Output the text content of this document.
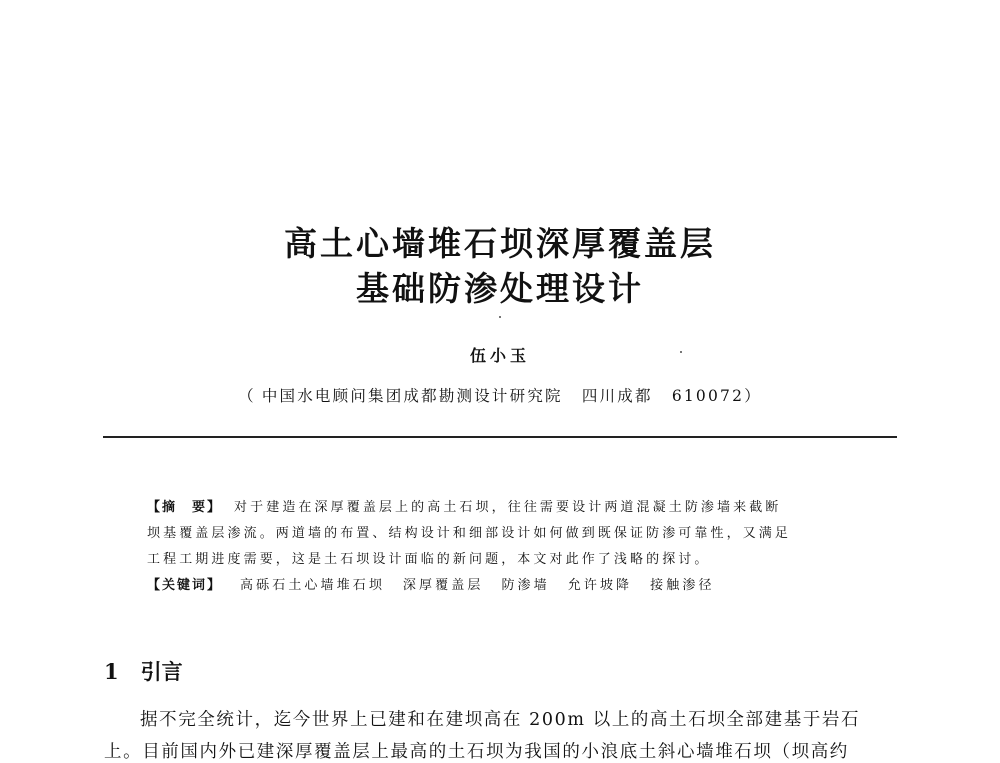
高土心墙堆石坝深厚覆盖层
基础防渗处理设计
伍小玉
（ 中国水电顾问集团成都勘测设计研究院 四川成都 610072）
【摘　要】 对于建造在深厚覆盖层上的高土石坝，往往需要设计两道混凝土防渗墙来截断
坝基覆盖层渗流。两道墙的布置、结构设计和细部设计如何做到既保证防渗可靠性，又满足
工程工期进度需要，这是土石坝设计面临的新问题，本文对此作了浅略的探讨。
【关键词】 高砾石土心墙堆石坝 深厚覆盖层 防渗墙 允许坡降 接触渗径
1 引言
据不完全统计，迄今世界上已建和在建坝高在 200m 以上的高土石坝全部建基于岩石
上。目前国内外已建深厚覆盖层上最高的土石坝为我国的小浪底土斜心墙堆石坝（坝高约
